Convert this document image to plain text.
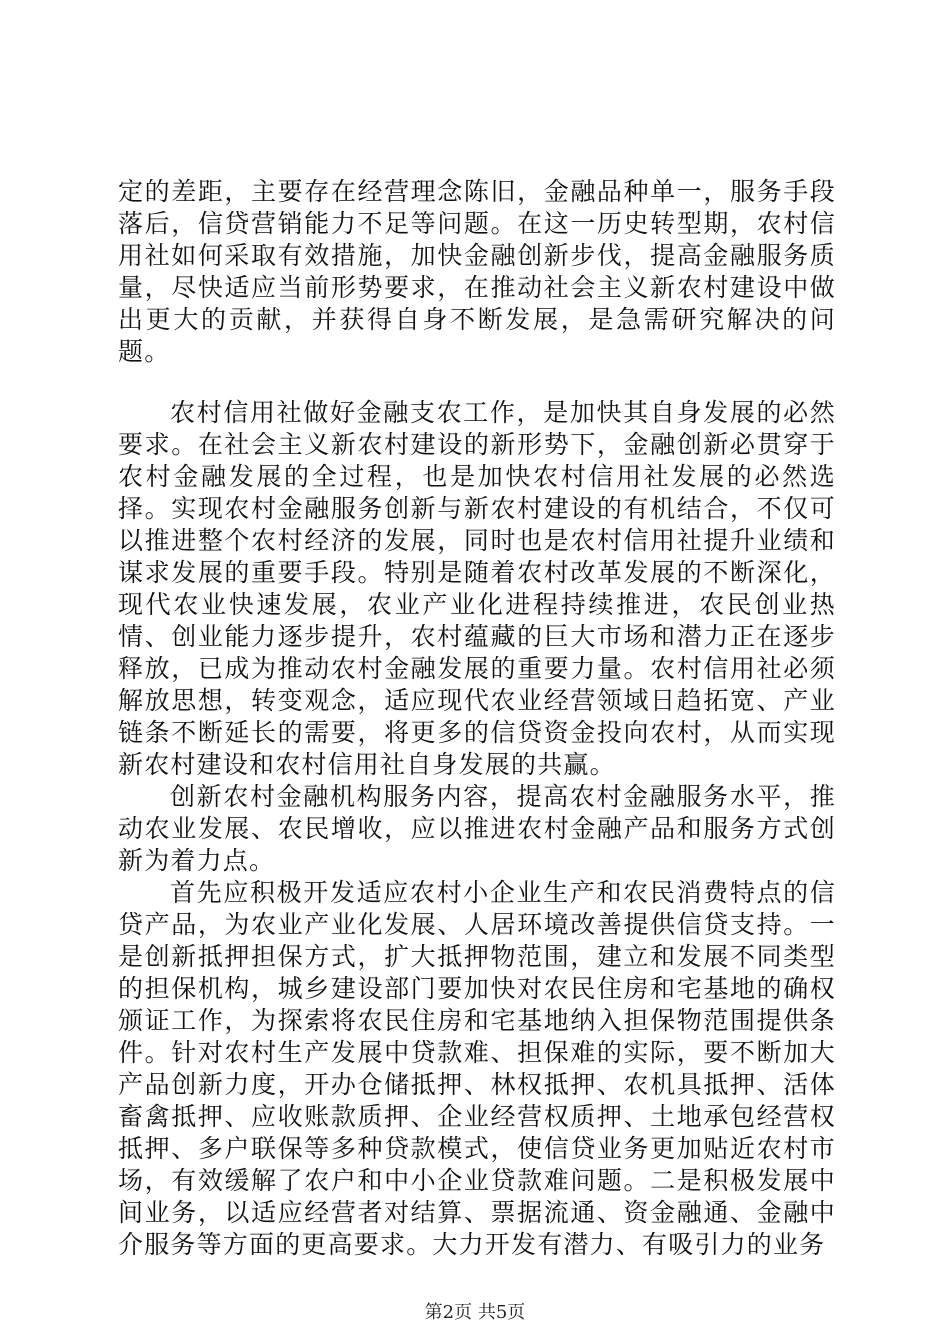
定的差距，主要存在经营理念陈旧，金融品种单一，服务手段落后，信贷营销能力不足等问题。在这一历史转型期，农村信用社如何采取有效措施，加快金融创新步伐，提高金融服务质量，尽快适应当前形势要求，在推动社会主义新农村建设中做出更大的贡献，并获得自身不断发展，是急需研究解决的问题。

农村信用社做好金融支农工作，是加快其自身发展的必然要求。在社会主义新农村建设的新形势下，金融创新必贯穿于农村金融发展的全过程，也是加快农村信用社发展的必然选择。实现农村金融服务创新与新农村建设的有机结合，不仅可以推进整个农村经济的发展，同时也是农村信用社提升业绩和谋求发展的重要手段。特别是随着农村改革发展的不断深化，现代农业快速发展，农业产业化进程持续推进，农民创业热情、创业能力逐步提升，农村蕴藏的巨大市场和潜力正在逐步释放，已成为推动农村金融发展的重要力量。农村信用社必须解放思想，转变观念，适应现代农业经营领域日趋拓宽、产业链条不断延长的需要，将更多的信贷资金投向农村，从而实现新农村建设和农村信用社自身发展的共赢。

创新农村金融机构服务内容，提高农村金融服务水平，推动农业发展、农民增收，应以推进农村金融产品和服务方式创新为着力点。

首先应积极开发适应农村小企业生产和农民消费特点的信贷产品，为农业产业化发展、人居环境改善提供信贷支持。一是创新抵押担保方式，扩大抵押物范围，建立和发展不同类型的担保机构，城乡建设部门要加快对农民住房和宅基地的确权颁证工作，为探索将农民住房和宅基地纳入担保物范围提供条件。针对农村生产发展中贷款难、担保难的实际，要不断加大产品创新力度，开办仓储抵押、林权抵押、农机具抵押、活体畜禽抵押、应收账款质押、企业经营权质押、土地承包经营权抵押、多户联保等多种贷款模式，使信贷业务更加贴近农村市场，有效缓解了农户和中小企业贷款难问题。二是积极发展中间业务，以适应经营者对结算、票据流通、资金融通、金融中介服务等方面的更高要求。大力开发有潜力、有吸引力的业务

第2页 共5页
